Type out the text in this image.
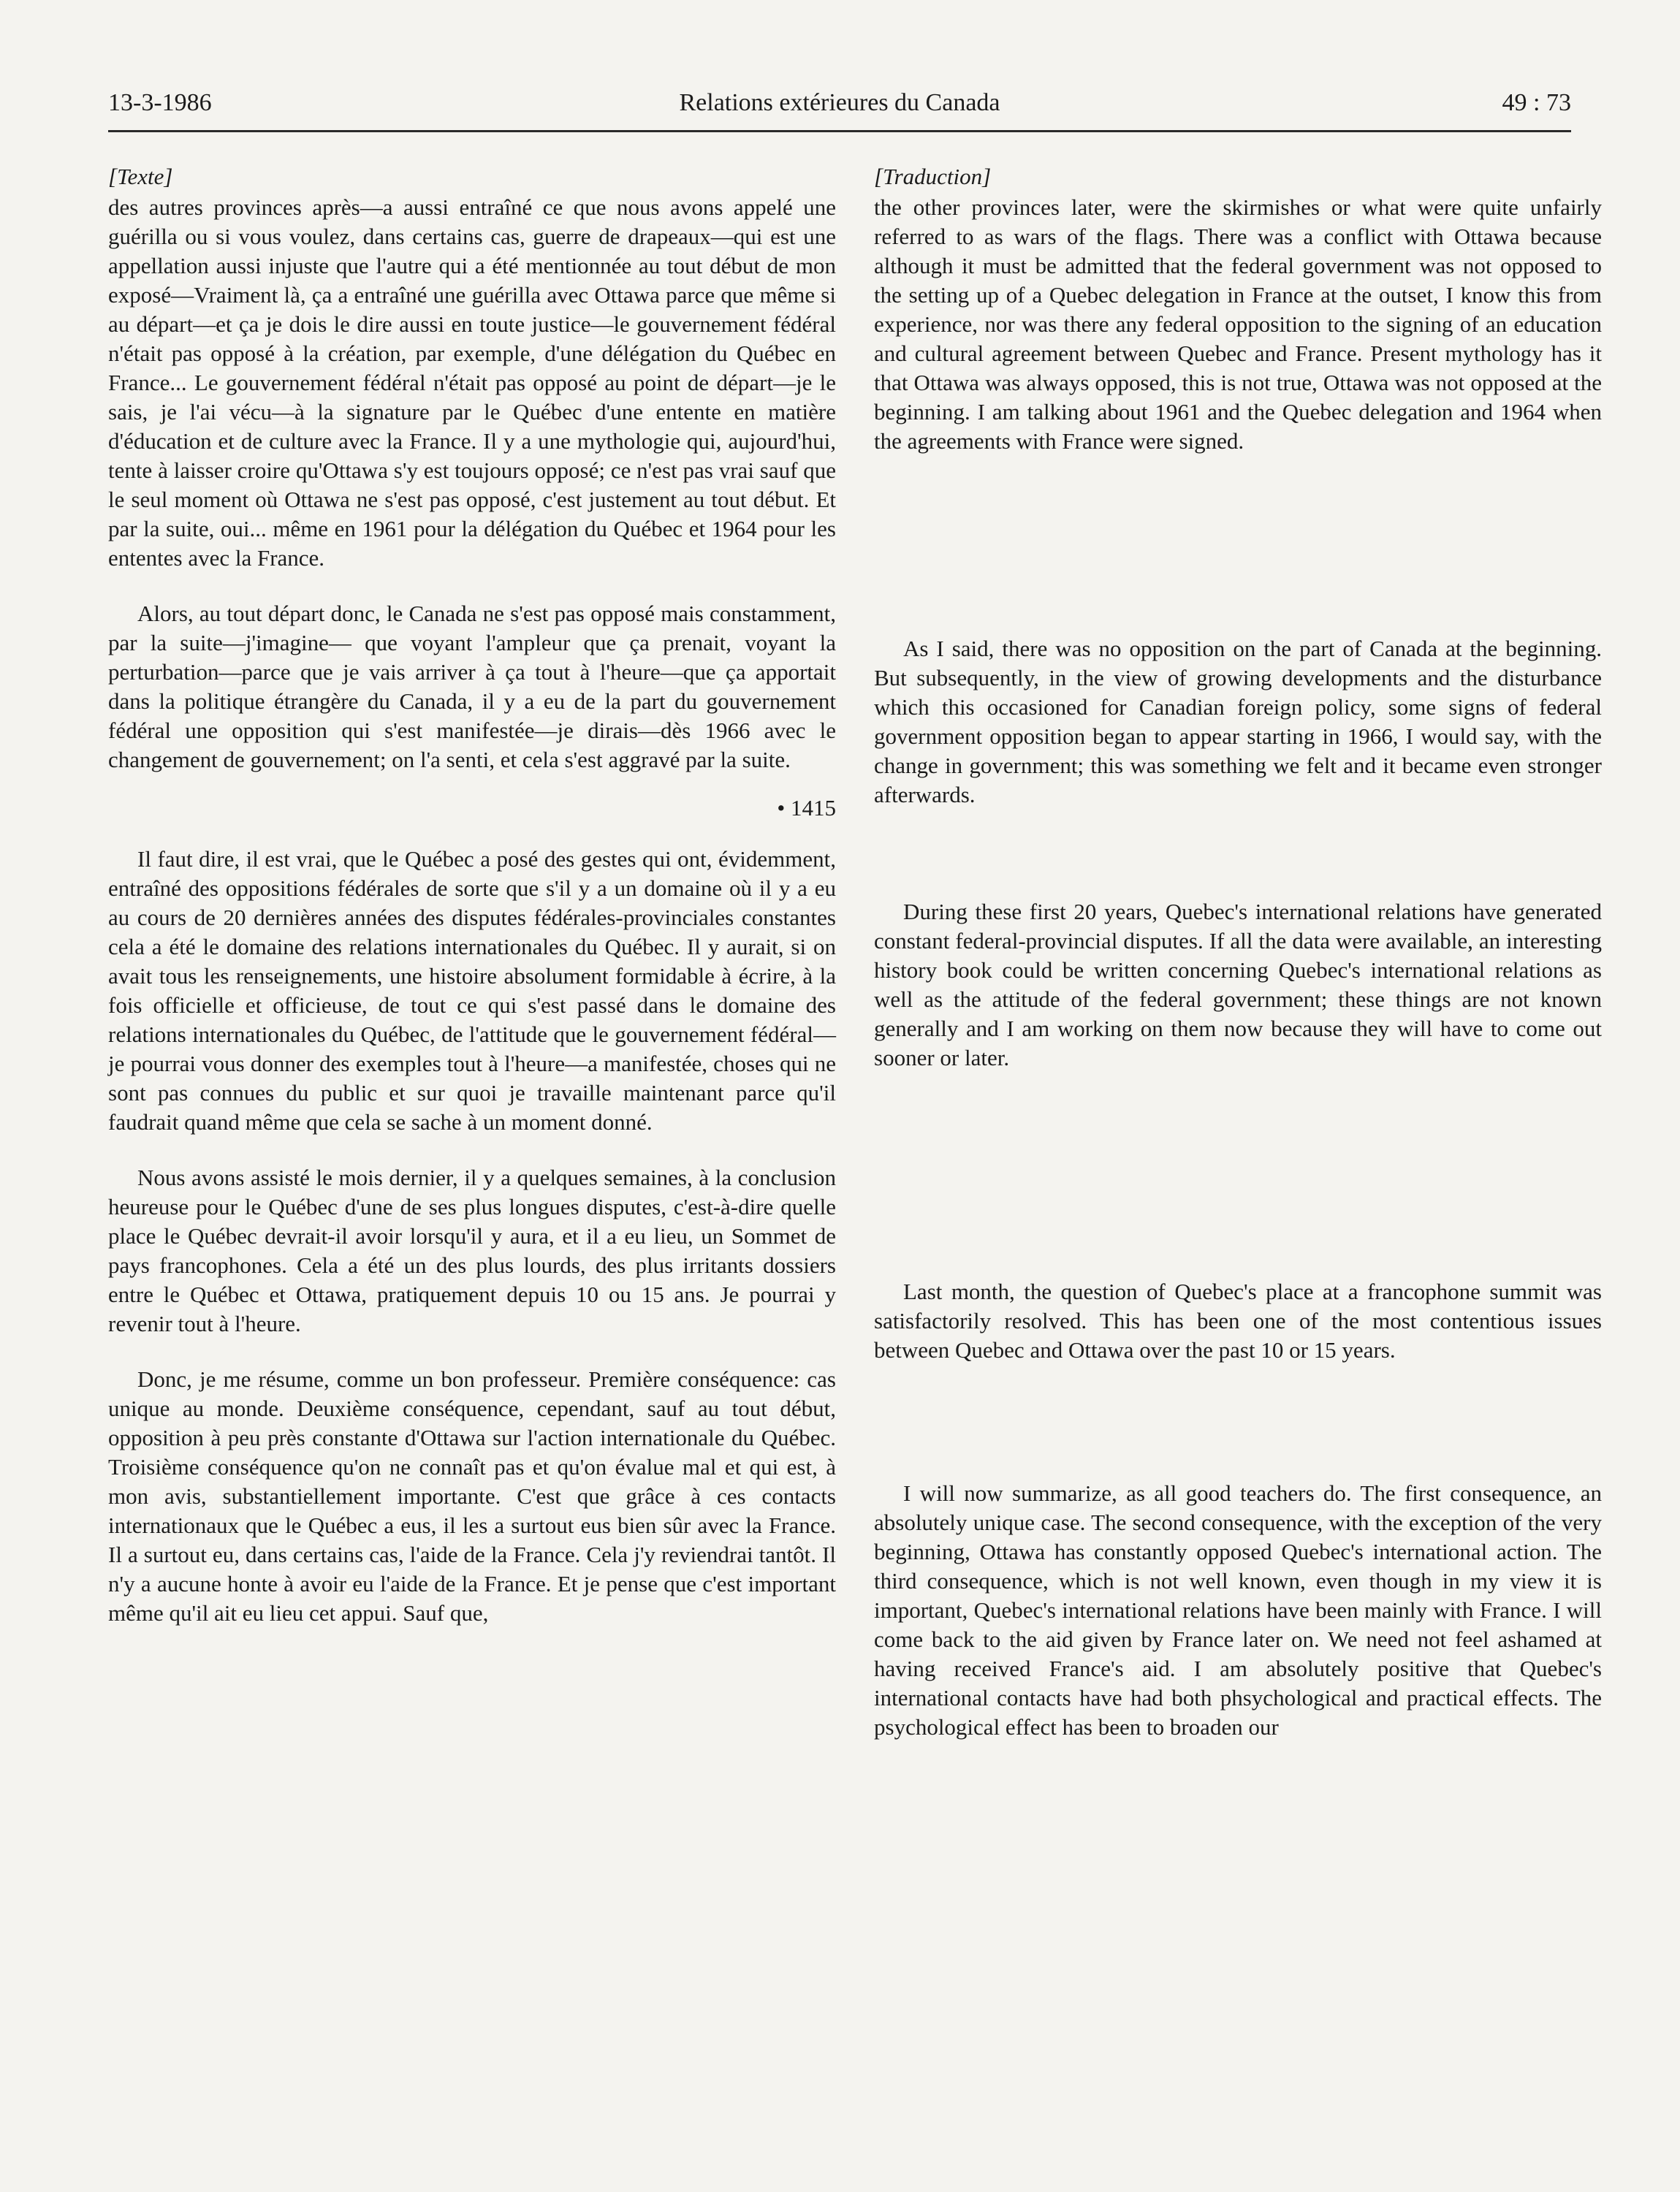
13-3-1986	Relations extérieures du Canada	49 : 73
[Texte]

des autres provinces après—a aussi entraîné ce que nous avons appelé une guérilla ou si vous voulez, dans certains cas, guerre de drapeaux—qui est une appellation aussi injuste que l'autre qui a été mentionnée au tout début de mon exposé—Vraiment là, ça a entraîné une guérilla avec Ottawa parce que même si au départ—et ça je dois le dire aussi en toute justice—le gouvernement fédéral n'était pas opposé à la création, par exemple, d'une délégation du Québec en France... Le gouvernement fédéral n'était pas opposé au point de départ—je le sais, je l'ai vécu—à la signature par le Québec d'une entente en matière d'éducation et de culture avec la France. Il y a une mythologie qui, aujourd'hui, tente à laisser croire qu'Ottawa s'y est toujours opposé; ce n'est pas vrai sauf que le seul moment où Ottawa ne s'est pas opposé, c'est justement au tout début. Et par la suite, oui... même en 1961 pour la délégation du Québec et 1964 pour les ententes avec la France.

Alors, au tout départ donc, le Canada ne s'est pas opposé mais constamment, par la suite—j'imagine— que voyant l'ampleur que ça prenait, voyant la perturbation—parce que je vais arriver à ça tout à l'heure—que ça apportait dans la politique étrangère du Canada, il y a eu de la part du gouvernement fédéral une opposition qui s'est manifestée—je dirais—dès 1966 avec le changement de gouvernement; on l'a senti, et cela s'est aggravé par la suite.

• 1415

Il faut dire, il est vrai, que le Québec a posé des gestes qui ont, évidemment, entraîné des oppositions fédérales de sorte que s'il y a un domaine où il y a eu au cours de 20 dernières années des disputes fédérales-provinciales constantes cela a été le domaine des relations internationales du Québec. Il y aurait, si on avait tous les renseignements, une histoire absolument formidable à écrire, à la fois officielle et officieuse, de tout ce qui s'est passé dans le domaine des relations internationales du Québec, de l'attitude que le gouvernement fédéral—je pourrai vous donner des exemples tout à l'heure—a manifestée, choses qui ne sont pas connues du public et sur quoi je travaille maintenant parce qu'il faudrait quand même que cela se sache à un moment donné.

Nous avons assisté le mois dernier, il y a quelques semaines, à la conclusion heureuse pour le Québec d'une de ses plus longues disputes, c'est-à-dire quelle place le Québec devrait-il avoir lorsqu'il y aura, et il a eu lieu, un Sommet de pays francophones. Cela a été un des plus lourds, des plus irritants dossiers entre le Québec et Ottawa, pratiquement depuis 10 ou 15 ans. Je pourrai y revenir tout à l'heure.

Donc, je me résume, comme un bon professeur. Première conséquence: cas unique au monde. Deuxième conséquence, cependant, sauf au tout début, opposition à peu près constante d'Ottawa sur l'action internationale du Québec. Troisième conséquence qu'on ne connaît pas et qu'on évalue mal et qui est, à mon avis, substantiellement importante. C'est que grâce à ces contacts internationaux que le Québec a eus, il les a surtout eus bien sûr avec la France. Il a surtout eu, dans certains cas, l'aide de la France. Cela j'y reviendrai tantôt. Il n'y a aucune honte à avoir eu l'aide de la France. Et je pense que c'est important même qu'il ait eu lieu cet appui. Sauf que,

[Traduction]

the other provinces later, were the skirmishes or what were quite unfairly referred to as wars of the flags. There was a conflict with Ottawa because although it must be admitted that the federal government was not opposed to the setting up of a Quebec delegation in France at the outset, I know this from experience, nor was there any federal opposition to the signing of an education and cultural agreement between Quebec and France. Present mythology has it that Ottawa was always opposed, this is not true, Ottawa was not opposed at the beginning. I am talking about 1961 and the Quebec delegation and 1964 when the agreements with France were signed.

As I said, there was no opposition on the part of Canada at the beginning. But subsequently, in the view of growing developments and the disturbance which this occasioned for Canadian foreign policy, some signs of federal government opposition began to appear starting in 1966, I would say, with the change in government; this was something we felt and it became even stronger afterwards.

During these first 20 years, Quebec's international relations have generated constant federal-provincial disputes. If all the data were available, an interesting history book could be written concerning Quebec's international relations as well as the attitude of the federal government; these things are not known generally and I am working on them now because they will have to come out sooner or later.

Last month, the question of Quebec's place at a francophone summit was satisfactorily resolved. This has been one of the most contentious issues between Quebec and Ottawa over the past 10 or 15 years.

I will now summarize, as all good teachers do. The first consequence, an absolutely unique case. The second consequence, with the exception of the very beginning, Ottawa has constantly opposed Quebec's international action. The third consequence, which is not well known, even though in my view it is important, Quebec's international relations have been mainly with France. I will come back to the aid given by France later on. We need not feel ashamed at having received France's aid. I am absolutely positive that Quebec's international contacts have had both phsychological and practical effects. The psychological effect has been to broaden our
